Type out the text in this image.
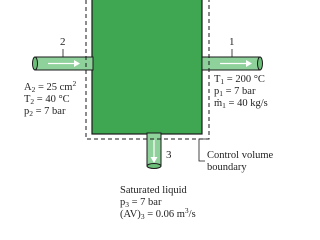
2	1
3
$A_2 = 25$ $cm^2$
$T_2 = 40$ °C
$p_2 = 7$ bar
$T_1 = 200$ °C
$p_1 = 7$ bar
ṁ$_1$ = 40 kg/s
Control volume
boundary
Saturated liquid
$p_3 = 7$ bar
$(AV)_3 = 0.06$ $m^3/s$
